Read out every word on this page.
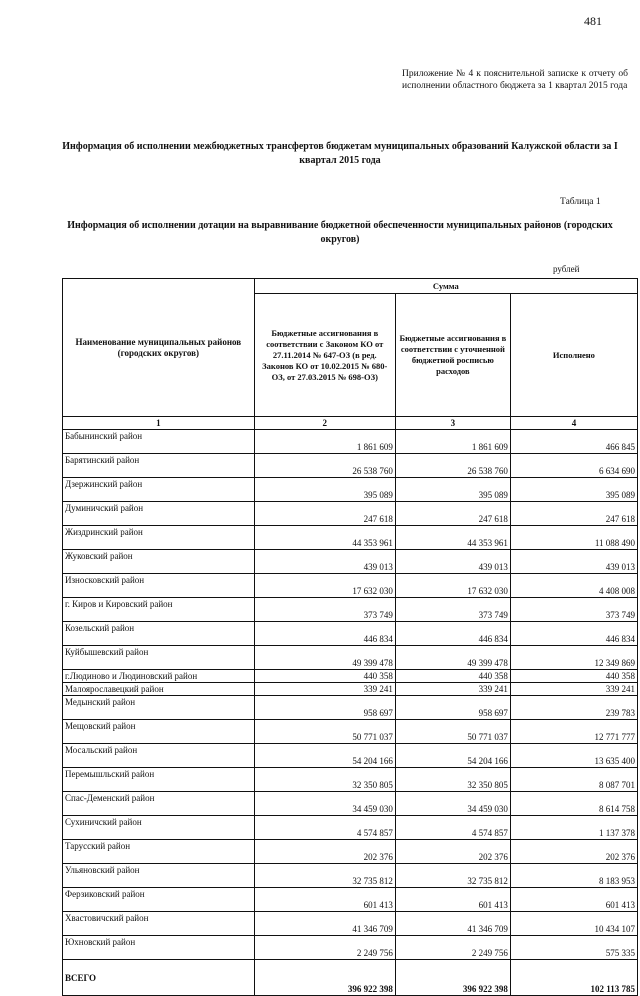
481
Приложение № 4 к пояснительной записке к отчету об исполнении областного бюджета за 1 квартал 2015 года
Информация об исполнении межбюджетных трансфертов бюджетам муниципальных образований Калужской области за I квартал 2015 года
Таблица 1
Информация об исполнении дотации на выравнивание бюджетной обеспеченности муниципальных районов (городских округов)
рублей
Наименование муниципальных районов (городских округов)	Сумма		
	Бюджетные ассигнования в соответствии с Законом КО от 27.11.2014 № 647-ОЗ (в ред. Законов КО от 10.02.2015 № 680-ОЗ, от 27.03.2015 № 698-ОЗ)	Бюджетные ассигнования в соответствии с уточненной бюджетной росписью расходов	Исполнено
1	2	3	4
Бабынинский район	1 861 609	1 861 609	466 845
Барятинский район	26 538 760	26 538 760	6 634 690
Дзержинский район	395 089	395 089	395 089
Думиничский район	247 618	247 618	247 618
Жиздринский район	44 353 961	44 353 961	11 088 490
Жуковский район	439 013	439 013	439 013
Износковский район	17 632 030	17 632 030	4 408 008
г. Киров и Кировский район	373 749	373 749	373 749
Козельский район	446 834	446 834	446 834
Куйбышевский район	49 399 478	49 399 478	12 349 869
г.Людиново и Людиновский район	440 358	440 358	440 358
Малоярославецкий район	339 241	339 241	339 241
Медынский район	958 697	958 697	239 783
Мещовский район	50 771 037	50 771 037	12 771 777
Мосальский район	54 204 166	54 204 166	13 635 400
Перемышльский район	32 350 805	32 350 805	8 087 701
Спас-Деменский район	34 459 030	34 459 030	8 614 758
Сухиничский район	4 574 857	4 574 857	1 137 378
Тарусский район	202 376	202 376	202 376
Ульяновский район	32 735 812	32 735 812	8 183 953
Ферзиковский район	601 413	601 413	601 413
Хвастовичский район	41 346 709	41 346 709	10 434 107
Юхновский район	2 249 756	2 249 756	575 335
ВСЕГО	396 922 398	396 922 398	102 113 785
